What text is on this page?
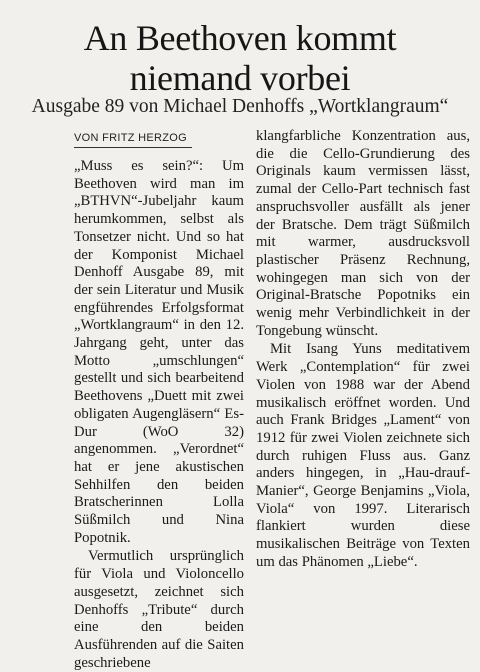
An Beethoven kommt
niemand vorbei
Ausgabe 89 von Michael Denhoffs „Wortklangraum“
VON FRITZ HERZOG

„Muss es sein?“: Um Beethoven wird man im „BTHVN“-Jubeljahr kaum herumkommen, selbst als Tonsetzer nicht. Und so hat der Komponist Michael Denhoff Ausgabe 89, mit der sein Literatur und Musik engführendes Erfolgsformat „Wortklangraum“ in den 12. Jahrgang geht, unter das Motto „umschlungen“ gestellt und sich bearbeitend Beethovens „Duett mit zwei obligaten Augengläsern“ Es-Dur (WoO 32) angenommen. „Verordnet“ hat er jene akustischen Sehhilfen den beiden Bratscherinnen Lolla Süßmilch und Nina Popotnik.

Vermutlich ursprünglich für Viola und Violoncello ausgesetzt, zeichnet sich Denhoffs „Tribute“ durch eine den beiden Ausführenden auf die Saiten geschriebene

klangfarbliche Konzentration aus, die die Cello-Grundierung des Originals kaum vermissen lässt, zumal der Cello-Part technisch fast anspruchsvoller ausfällt als jener der Bratsche. Dem trägt Süßmilch mit warmer, ausdrucksvoll plastischer Präsenz Rechnung, wohingegen man sich von der Original-Bratsche Popotniks ein wenig mehr Verbindlichkeit in der Tongebung wünscht.

Mit Isang Yuns meditativem Werk „Contemplation“ für zwei Violen von 1988 war der Abend musikalisch eröffnet worden. Und auch Frank Bridges „Lament“ von 1912 für zwei Violen zeichnete sich durch ruhigen Fluss aus. Ganz anders hingegen, in „Hau-drauf-Manier“, George Benjamins „Viola, Viola“ von 1997. Literarisch flankiert wurden diese musikalischen Beiträge von Texten um das Phänomen „Liebe“.
